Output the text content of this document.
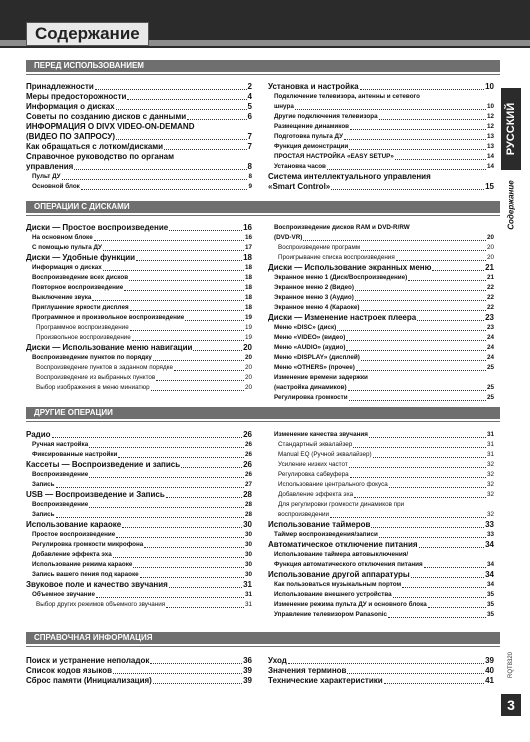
Содержание
ПЕРЕД ИСПОЛЬЗОВАНИЕМ
Принадлежности	2
Меры предосторожности	4
Информация о дисках	5
Советы по созданию дисков с данными	6
ИНФОРМАЦИЯ О DIVX VIDEO-ON-DEMAND
(ВИДЕО ПО ЗАПРОСУ)	7
Как обращаться с лотком/дисками	7
Справочное руководство по органам
управления	8
Пульт ДУ	8
Основной блок	9
Установка и настройка	10
Подключение телевизора, антенны и сетевого
шнура	10
Другие подключения телевизора	12
Размещение динамиков	12
Подготовка пульта ДУ	13
Функция демонстрации	13
ПРОСТАЯ НАСТРОЙКА «EASY SETUP»	14
Установка часов	14
Система интеллектуального управления
«Smart Control»	15
ОПЕРАЦИИ С ДИСКАМИ
Диски — Простое воспроизведение	16
На основном блоке	16
С помощью пульта ДУ	17
Диски — Удобные функции	18
Информация о дисках	18
Воспроизведение всех дисков	18
Повторное воспроизведение	18
Выключение звука	18
Приглушение яркости дисплея	18
Программное и произвольное воспроизведение	19
Программное воспроизведение	19
Произвольное воспроизведение	19
Диски — Использование меню навигации	20
Воспроизведение пунктов по порядку	20
Воспроизведение пунктов в заданном порядке	20
Воспроизведение из выбранных пунктов	20
Выбор изображения в меню миниатюр	20
Воспроизведение дисков RAM и DVD-R/RW
(DVD-VR)	20
Воспроизведение программ	20
Проигрывание списка воспроизведения	20
Диски — Использование экранных меню	21
Экранное меню 1 (Диск/Воспроизведение)	21
Экранное меню 2 (Видео)	22
Экранное меню 3 (Аудио)	22
Экранное меню 4 (Караоке)	22
Диски — Изменение настроек плеера	23
Меню «DISC» (диск)	23
Меню «VIDEO» (видео)	24
Меню «AUDIO» (аудио)	24
Меню «DISPLAY» (дисплей)	24
Меню «OTHERS» (прочее)	25
Изменение времени задержки
(настройка динамиков)	25
Регулировка громкости	25
ДРУГИЕ ОПЕРАЦИИ
Радио	26
Ручная настройка	26
Фиксированные настройки	26
Кассеты — Воспроизведение и запись	26
Воспроизведение	26
Запись	27
USB — Воспроизведение и Запись	28
Воспроизведение	28
Запись	28
Использование караоке	30
Простое воспроизведение	30
Регулировка громкости микрофона	30
Добавление эффекта эха	30
Использование режима караоке	30
Запись вашего пения под караоке	30
Звуковое поле и качество звучания	31
Объемное звучание	31
Выбор других режимов объемного звучания	31
Изменение качества звучания	31
Стандартный эквалайзер	31
Manual EQ (Ручной эквалайзер)	31
Усиление низких частот	32
Регулировка сабвуфера	32
Использование центрального фокуса	32
Добавление эффекта эха	32
Для регулировки громкости динамиков при
воспроизведении	32
Использование таймеров	33
Таймер воспроизведения/записи	33
Автоматическое отключение питания	34
Использование таймера автовыключения/
Функция автоматического отключения питания	34
Использование другой аппаратуры	34
Как пользоваться музыкальным портом	34
Использование внешнего устройства	35
Изменение режима пульта ДУ и основного блока	35
Управление телевизором Panasonic	35
СПРАВОЧНАЯ ИНФОРМАЦИЯ
Поиск и устранение неполадок	36
Список кодов языков	39
Сброс памяти (Инициализация)	39
Уход	39
Значения терминов	40
Технические характеристики	41
РУССКИЙ
Содержание
RQT8320
3
